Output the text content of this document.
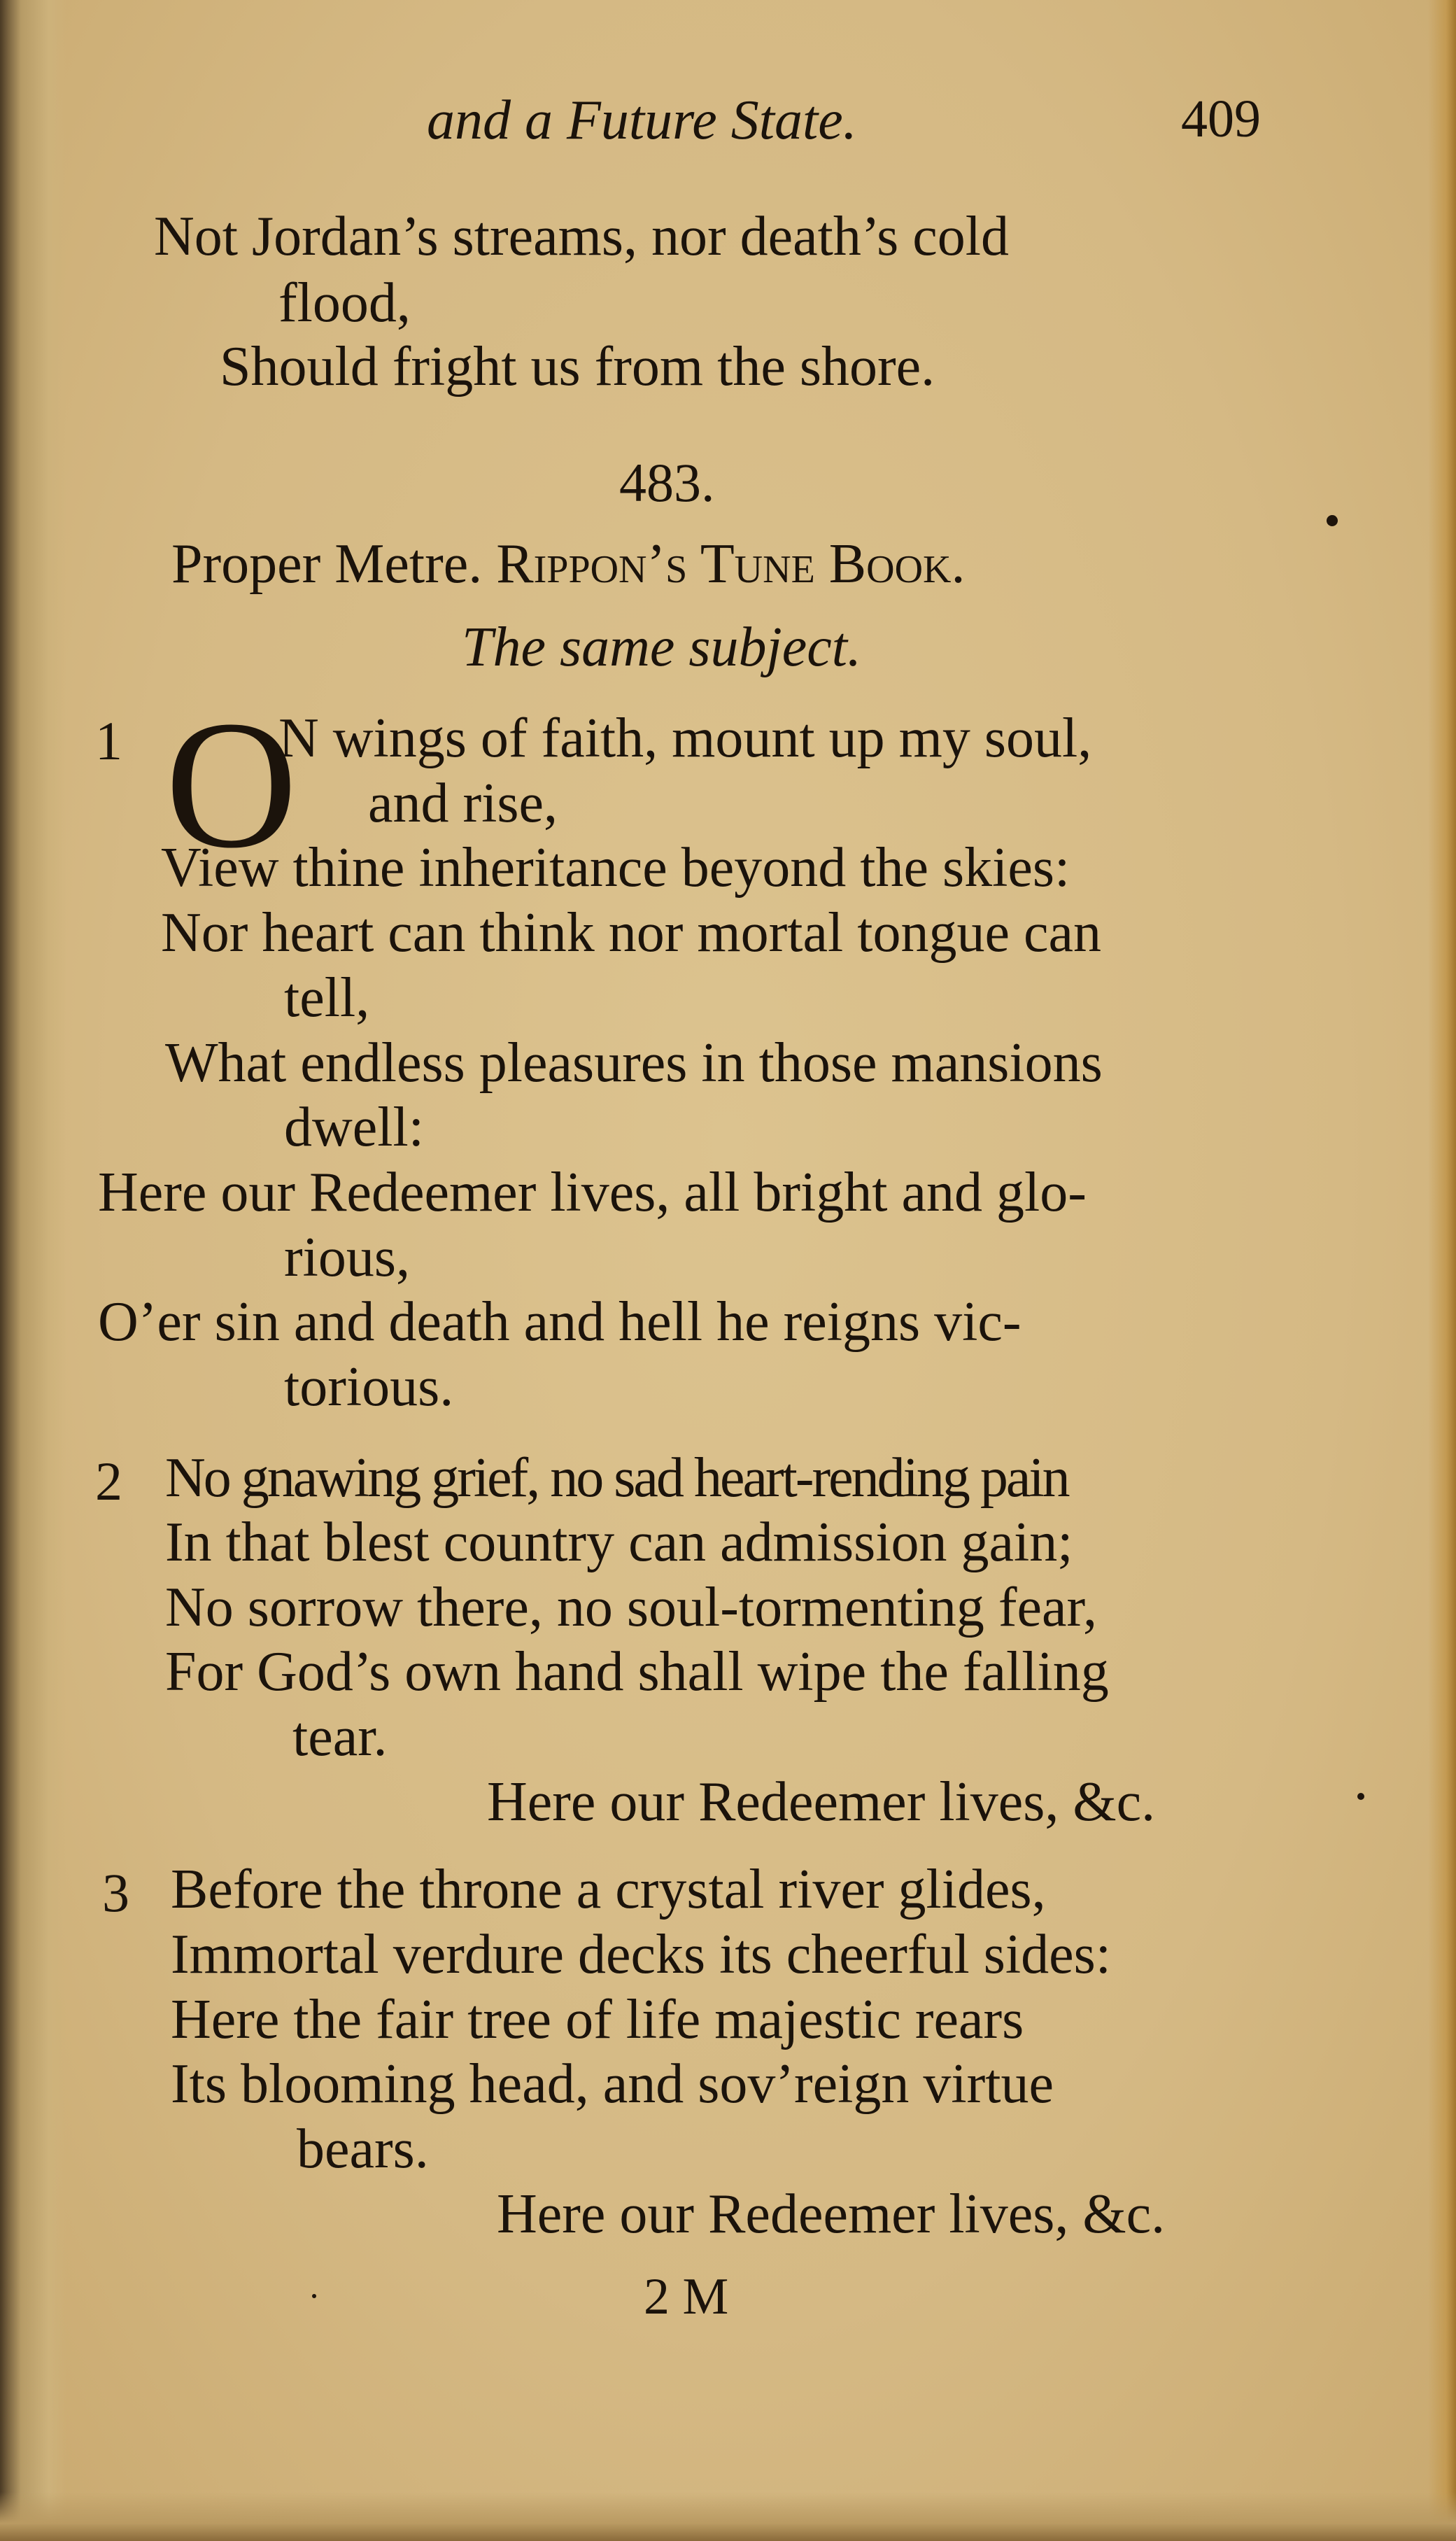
and a Future State.	409

Not Jordan’s streams, nor death’s cold

flood,

Should fright us from the shore.

483.

Proper Metre. Rippon’s Tune Book.

The same subject.

1 O

N wings of faith, mount up my soul,

and rise,

View thine inheritance beyond the skies:

Nor heart can think nor mortal tongue can

tell,

What endless pleasures in those mansions

dwell:

Here our Redeemer lives, all bright and glo-

rious,

O’er sin and death and hell he reigns vic-

torious.

2 No gnawing grief, no sad heart-rending pain

In that blest country can admission gain;

No sorrow there, no soul-tormenting fear,

For God’s own hand shall wipe the falling

tear.

Here our Redeemer lives, &c.

3 Before the throne a crystal river glides,

Immortal verdure decks its cheerful sides:

Here the fair tree of life majestic rears

Its blooming head, and sov’reign virtue

bears.

Here our Redeemer lives, &c.

2 M
